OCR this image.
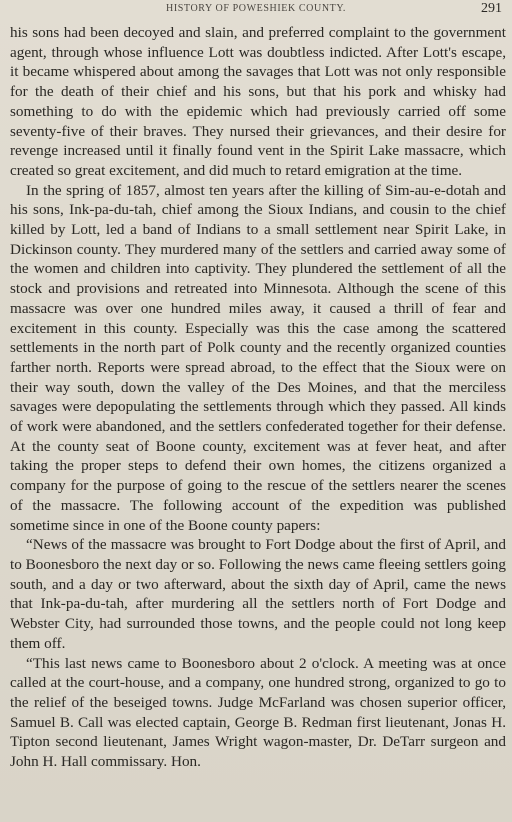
HISTORY OF POWESHIEK COUNTY.	291

his sons had been decoyed and slain, and preferred complaint to the government agent, through whose influence Lott was doubtless indicted. After Lott's escape, it became whispered about among the savages that Lott was not only responsible for the death of their chief and his sons, but that his pork and whisky had something to do with the epidemic which had previously carried off some seventy-five of their braves. They nursed their grievances, and their desire for revenge increased until it finally found vent in the Spirit Lake massacre, which created so great excitement, and did much to retard emigration at the time.

In the spring of 1857, almost ten years after the killing of Sim-au-e-dotah and his sons, Ink-pa-du-tah, chief among the Sioux Indians, and cousin to the chief killed by Lott, led a band of Indians to a small settlement near Spirit Lake, in Dickinson county. They murdered many of the settlers and carried away some of the women and children into captivity. They plundered the settlement of all the stock and provisions and retreated into Minnesota. Although the scene of this massacre was over one hundred miles away, it caused a thrill of fear and excitement in this county. Especially was this the case among the scattered settlements in the north part of Polk county and the recently organized counties farther north. Reports were spread abroad, to the effect that the Sioux were on their way south, down the valley of the Des Moines, and that the merciless savages were depopulating the settlements through which they passed. All kinds of work were abandoned, and the settlers confederated together for their defense. At the county seat of Boone county, excitement was at fever heat, and after taking the proper steps to defend their own homes, the citizens organized a company for the purpose of going to the rescue of the settlers nearer the scenes of the massacre. The following account of the expedition was published sometime since in one of the Boone county papers:

“News of the massacre was brought to Fort Dodge about the first of April, and to Boonesboro the next day or so. Following the news came fleeing settlers going south, and a day or two afterward, about the sixth day of April, came the news that Ink-pa-du-tah, after murdering all the settlers north of Fort Dodge and Webster City, had surrounded those towns, and the people could not long keep them off.

“This last news came to Boonesboro about 2 o'clock. A meeting was at once called at the court-house, and a company, one hundred strong, organized to go to the relief of the beseiged towns. Judge McFarland was chosen superior officer, Samuel B. Call was elected captain, George B. Redman first lieutenant, Jonas H. Tipton second lieutenant, James Wright wagon-master, Dr. DeTarr surgeon and John H. Hall commissary. Hon.
